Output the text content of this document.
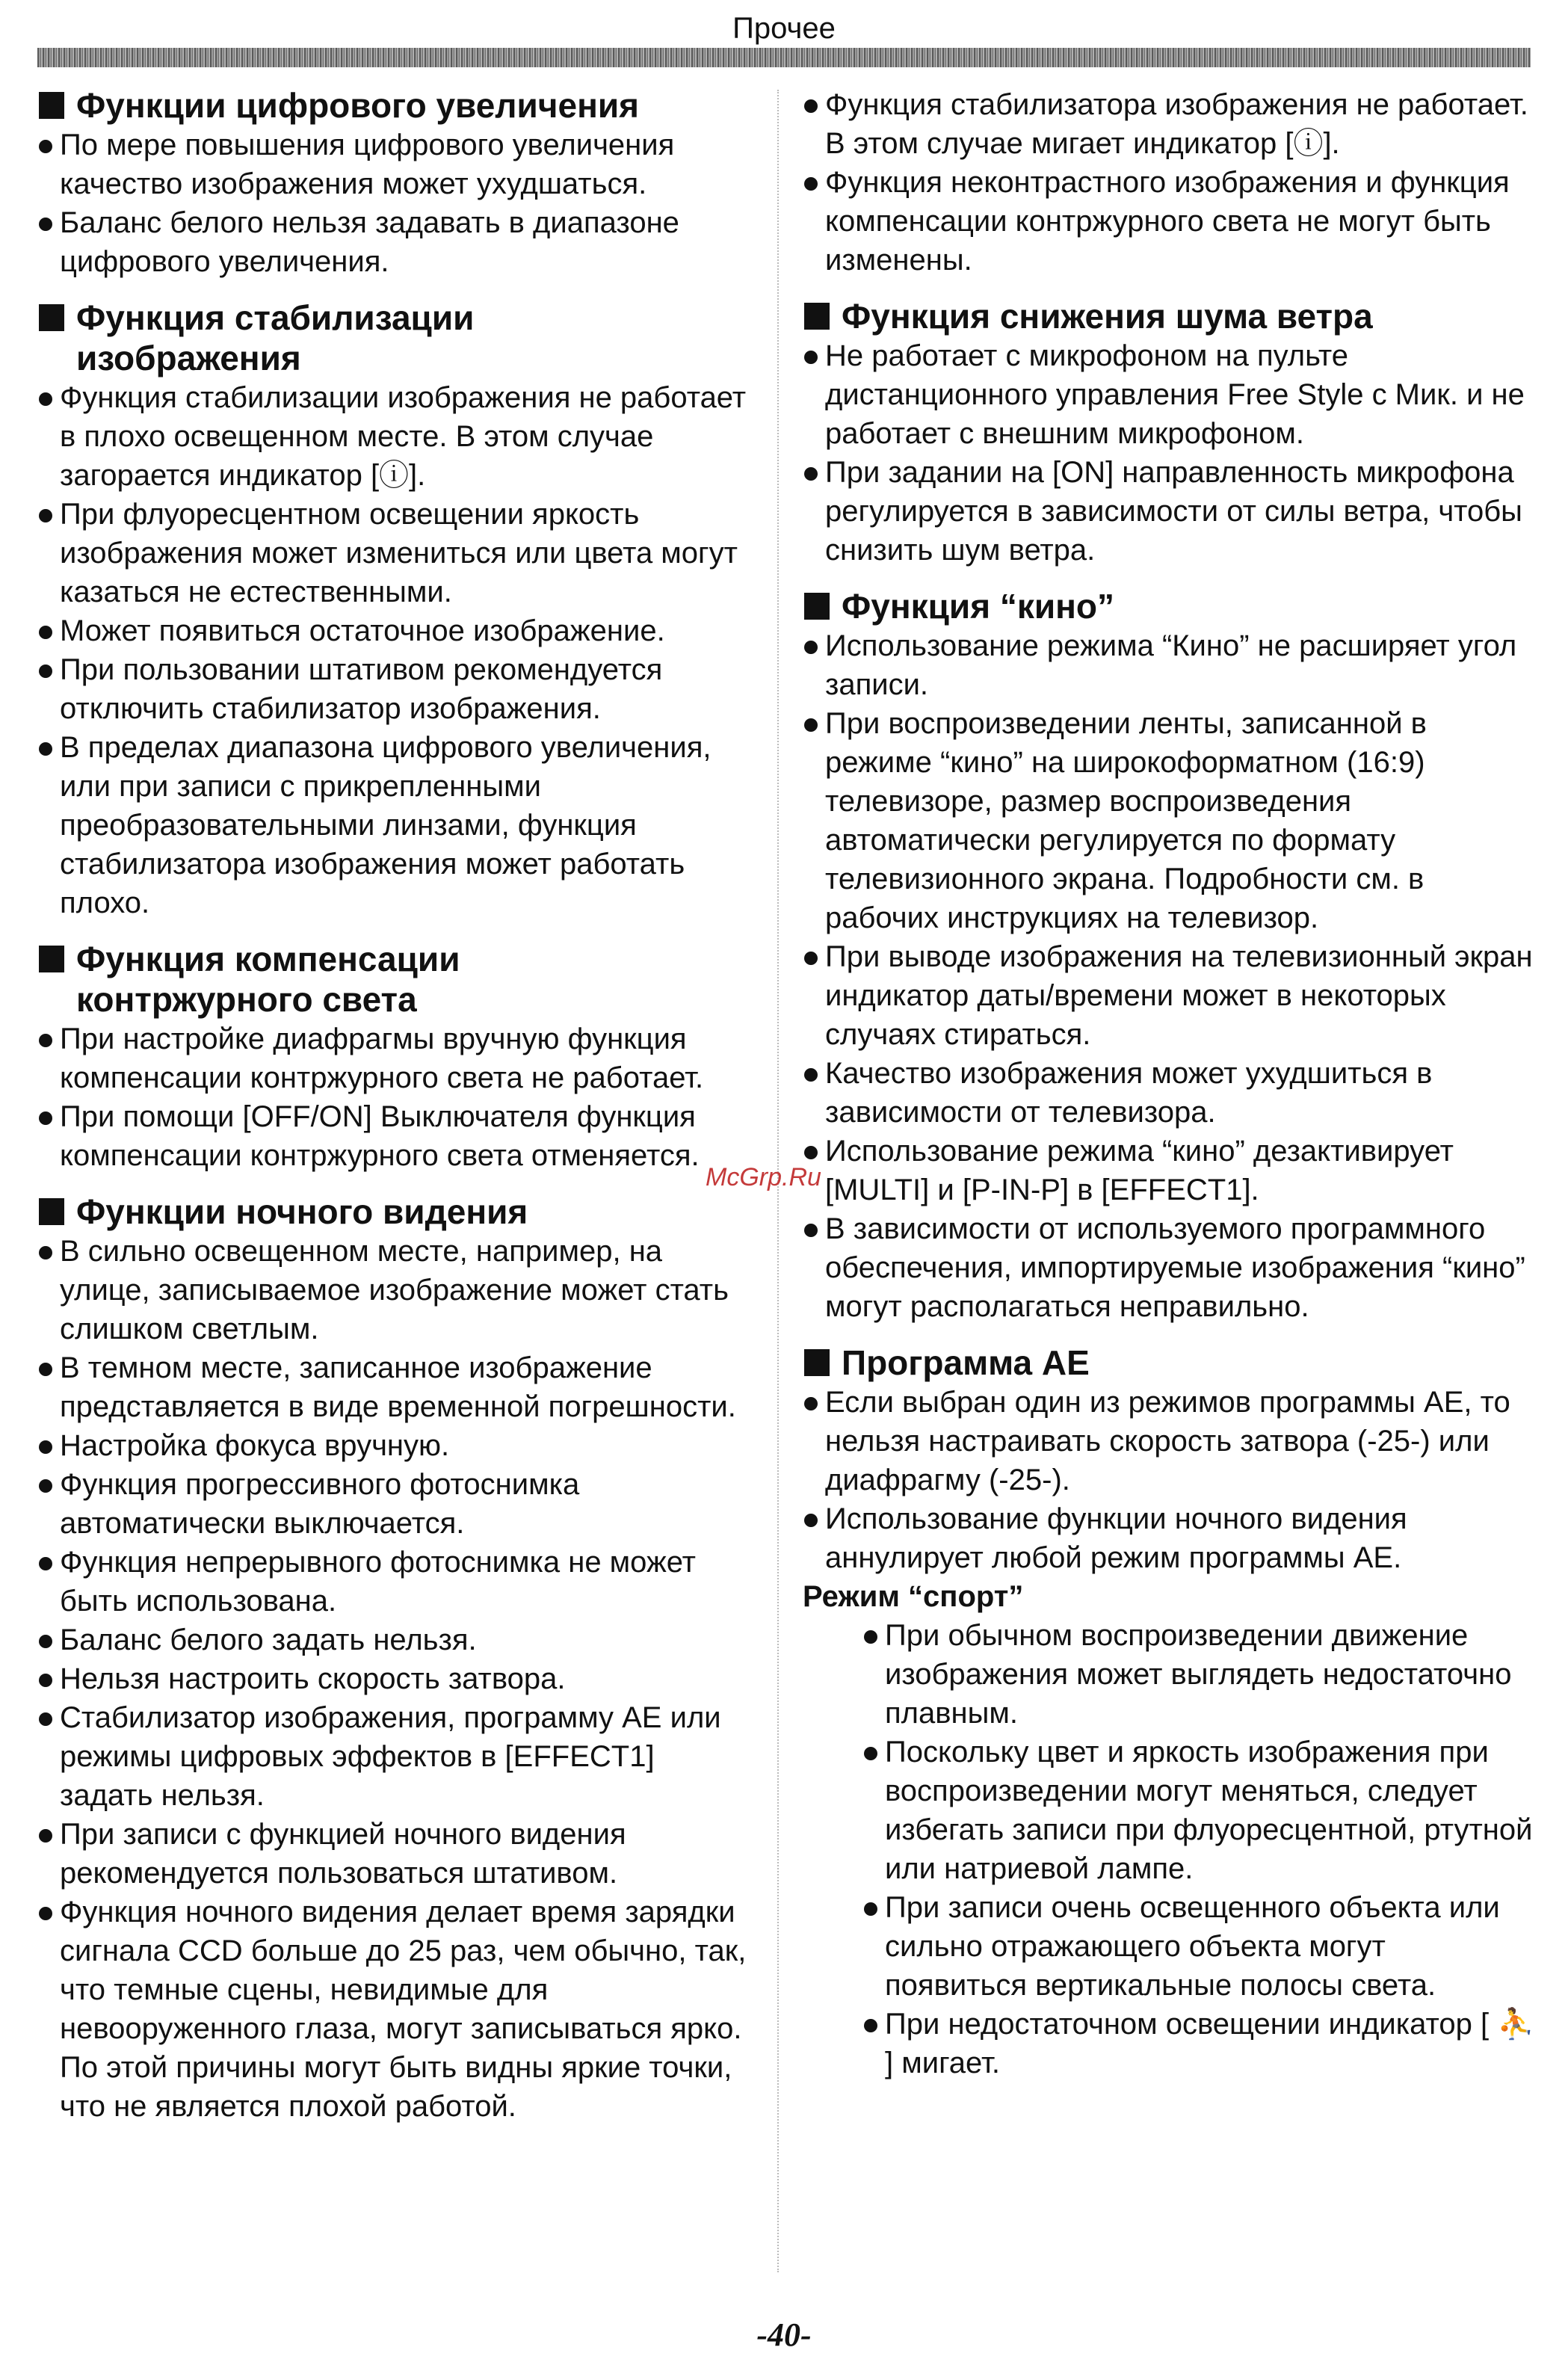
Прочее
Функции цифрового увеличения
По мере повышения цифрового увеличения качество изображения может ухудшаться.
Баланс белого нельзя задавать в диапазоне цифрового увеличения.
Функция стабилизации
изображения
Функция стабилизации изображения не работает в плохо освещенном месте. В этом случае загорается индикатор [ⓘ].
При флуоресцентном освещении яркость изображения может измениться или цвета могут казаться не естественными.
Может появиться остаточное изображение.
При пользовании штативом рекомендуется отключить стабилизатор изображения.
В пределах диапазона цифрового увеличения, или при записи с прикрепленными преобразовательными линзами, функция стабилизатора изображения может работать плохо.
Функция компенсации
контржурного света
При настройке диафрагмы вручную функция компенсации контржурного света не работает.
При помощи [OFF/ON] Выключателя функция компенсации контржурного света отменяется.
Функции ночного видения
В сильно освещенном месте, например, на улице, записываемое изображение может стать слишком светлым.
В темном месте, записанное изображение представляется в виде временной погрешности.
Настройка фокуса вручную.
Функция прогрессивного фотоснимка автоматически выключается.
Функция непрерывного фотоснимка не может быть использована.
Баланс белого задать нельзя.
Нельзя настроить скорость затвора.
Стабилизатор изображения, программу AE или режимы цифровых эффектов в [EFFECT1] задать нельзя.
При записи с функцией ночного видения рекомендуется пользоваться штативом.
Функция ночного видения делает время зарядки сигнала CCD больше до 25 раз, чем обычно, так, что темные сцены, невидимые для невооруженного глаза, могут записываться ярко. По этой причины могут быть видны яркие точки, что не является плохой работой.
Функция стабилизатора изображения не работает. В этом случае мигает индикатор [ⓘ].
Функция неконтрастного изображения и функция компенсации контржурного света не могут быть изменены.
Функция снижения шума ветра
Не работает с микрофоном на пульте дистанционного управления Free Style с Мик. и не работает с внешним микрофоном.
При задании на [ON] направленность микрофона регулируется в зависимости от силы ветра, чтобы снизить шум ветра.
Функция “кино”
Использование режима “Кино” не расширяет угол записи.
При воспроизведении ленты, записанной в режиме “кино” на широкоформатном (16:9) телевизоре, размер воспроизведения автоматически регулируется по формату телевизионного экрана. Подробности см. в рабочих инструкциях на телевизор.
При выводе изображения на телевизионный экран индикатор даты/времени может в некоторых случаях стираться.
Качество изображения может ухудшиться в зависимости от телевизора.
Использование режима “кино” дезактивирует [MULTI] и [P-IN-P] в [EFFECT1].
В зависимости от используемого программного обеспечения, импортируемые изображения “кино” могут располагаться неправильно.
Программа AE
Если выбран один из режимов программы AE, то нельзя настраивать скорость затвора (-25-) или диафрагму (-25-).
Использование функции ночного видения аннулирует любой режим программы AE.
Режим “спорт”
При обычном воспроизведении движение изображения может выглядеть недостаточно плавным.
Поскольку цвет и яркость изображения при воспроизведении могут меняться, следует избегать записи при флуоресцентной, ртутной или натриевой лампе.
При записи очень освещенного объекта или сильно отражающего объекта могут появиться вертикальные полосы света.
При недостаточном освещении индикатор [ ⛹ ] мигает.
McGrp.Ru
-40-
